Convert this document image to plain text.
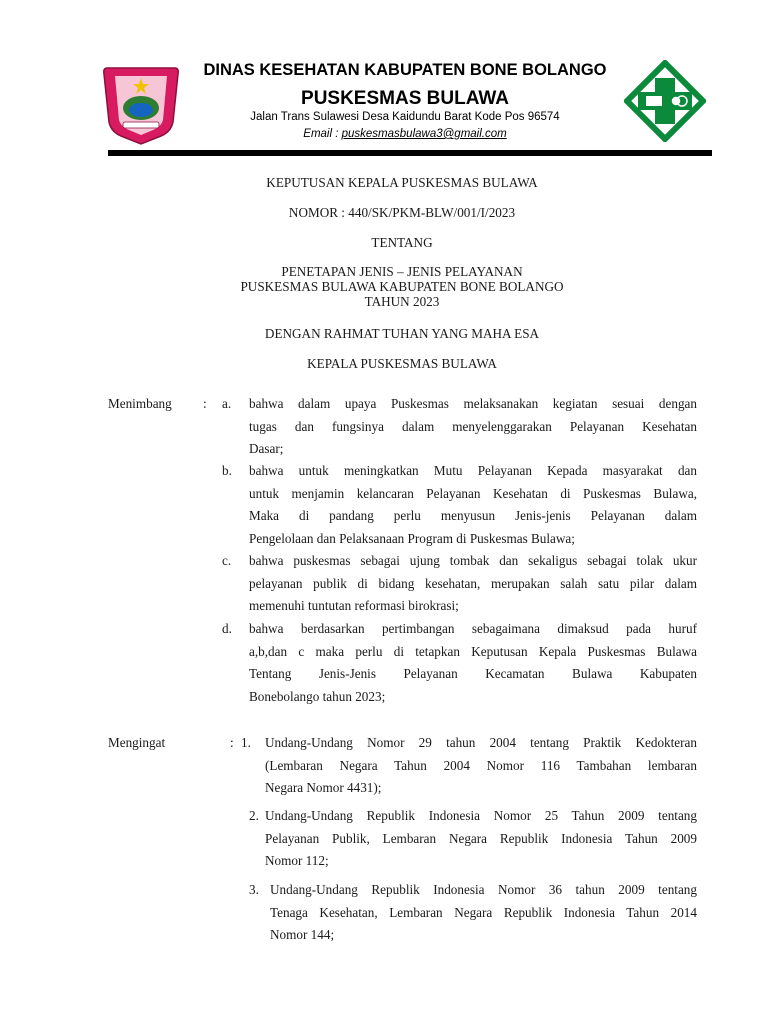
DINAS KESEHATAN KABUPATEN BONE BOLANGO
PUSKESMAS BULAWA
Jalan Trans Sulawesi Desa Kaidundu Barat Kode Pos 96574
Email : puskesmasbulawa3@gmail.com
KEPUTUSAN KEPALA PUSKESMAS BULAWA
NOMOR : 440/SK/PKM-BLW/001/I/2023
TENTANG
PENETAPAN JENIS – JENIS PELAYANAN
PUSKESMAS BULAWA KABUPATEN BONE BOLANGO
TAHUN 2023
DENGAN RAHMAT TUHAN YANG MAHA ESA
KEPALA PUSKESMAS BULAWA
Menimbang : a. bahwa dalam upaya Puskesmas melaksanakan kegiatan sesuai dengan
tugas dan fungsinya dalam menyelenggarakan Pelayanan Kesehatan
Dasar;
b. bahwa untuk meningkatkan Mutu Pelayanan Kepada masyarakat dan
untuk menjamin kelancaran Pelayanan Kesehatan di Puskesmas Bulawa,
Maka di pandang perlu menyusun Jenis-jenis Pelayanan dalam
Pengelolaan dan Pelaksanaan Program di Puskesmas Bulawa;
c. bahwa puskesmas sebagai ujung tombak dan sekaligus sebagai tolak ukur
pelayanan publik di bidang kesehatan, merupakan salah satu pilar dalam
memenuhi tuntutan reformasi birokrasi;
d. bahwa berdasarkan pertimbangan sebagaimana dimaksud pada huruf
a,b,dan c maka perlu di tetapkan Keputusan Kepala Puskesmas Bulawa
Tentang Jenis-Jenis Pelayanan Kecamatan Bulawa Kabupaten
Bonebolango tahun 2023;
Mengingat	: 1. Undang-Undang Nomor 29 tahun 2004 tentang Praktik Kedokteran
(Lembaran Negara Tahun 2004 Nomor 116 Tambahan lembaran
Negara Nomor 4431);
2. Undang-Undang Republik Indonesia Nomor 25 Tahun 2009 tentang
Pelayanan Publik, Lembaran Negara Republik Indonesia Tahun 2009
Nomor 112;
3. Undang-Undang Republik Indonesia Nomor 36 tahun 2009 tentang
Tenaga Kesehatan, Lembaran Negara Republik Indonesia Tahun 2014
Nomor 144;
